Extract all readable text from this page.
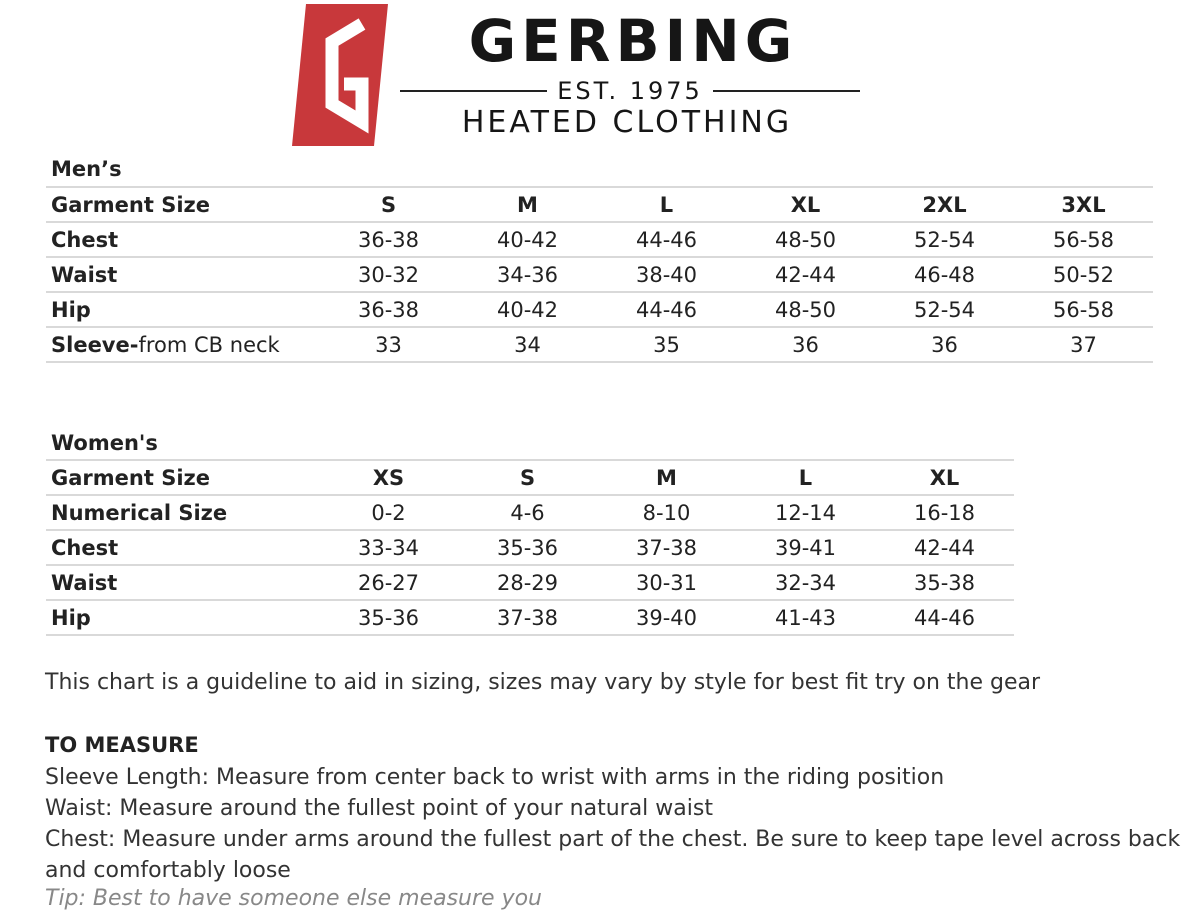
GERBING
EST. 1975
HEATED CLOTHING
Men’s
Garment Size	S	M	L	XL	2XL	3XL
Chest	36-38	40-42	44-46	48-50	52-54	56-58
Waist	30-32	34-36	38-40	42-44	46-48	50-52
Hip	36-38	40-42	44-46	48-50	52-54	56-58
Sleeve-from CB neck	33	34	35	36	36	37
Women's
Garment Size	XS	S	M	L	XL
Numerical Size	0-2	4-6	8-10	12-14	16-18
Chest	33-34	35-36	37-38	39-41	42-44
Waist	26-27	28-29	30-31	32-34	35-38
Hip	35-36	37-38	39-40	41-43	44-46
This chart is a guideline to aid in sizing, sizes may vary by style for best fit try on the gear
TO MEASURE
Sleeve Length: Measure from center back to wrist with arms in the riding position
Waist: Measure around the fullest point of your natural waist
Chest: Measure under arms around the fullest part of the chest. Be sure to keep tape level across back
and comfortably loose
Tip: Best to have someone else measure you
